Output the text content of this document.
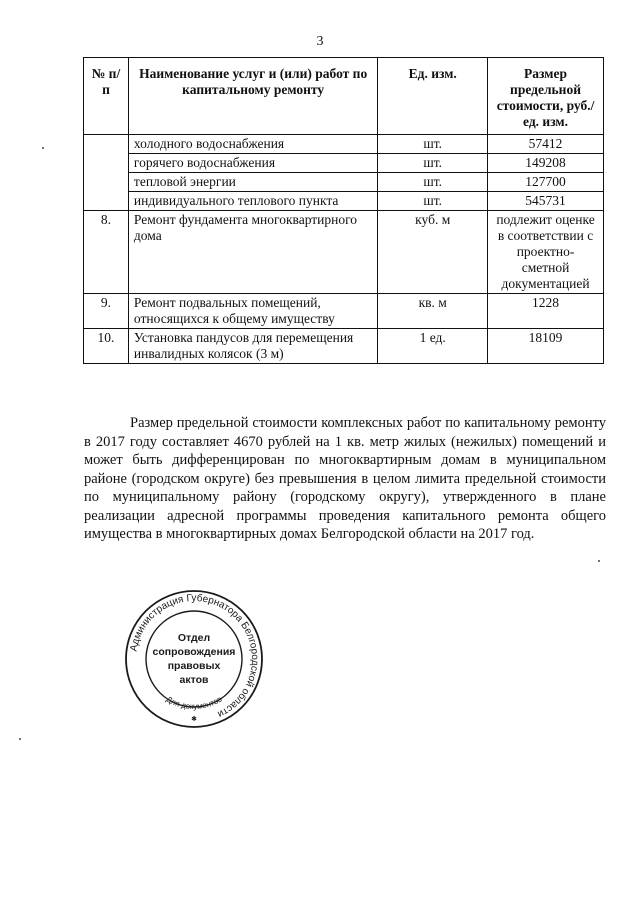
3
№ п/п	Наименование услуг и (или) работ по капитальному ремонту	Ед. изм.	Размер предельной стоимости, руб./ед. изм.
	холодного водоснабжения	шт.	57412
	горячего водоснабжения	шт.	149208
	тепловой энергии	шт.	127700
	индивидуального теплового пункта	шт.	545731
8.	Ремонт фундамента многоквартирного дома	куб. м	подлежит оценке в соответствии с проектно-сметной документацией
9.	Ремонт подвальных помещений, относящихся к общему имуществу	кв. м	1228
10.	Установка пандусов для перемещения инвалидных колясок (3 м)	1 ед.	18109

Размер предельной стоимости комплексных работ по капитальному ремонту в 2017 году составляет 4670 рублей на 1 кв. метр жилых (нежилых) помещений и может быть дифференцирован по многоквартирным домам в муниципальном районе (городском округе) без превышения в целом лимита предельной стоимости по муниципальному району (городскому округу), утвержденного в плане реализации адресной программы проведения капитального ремонта общего имущества в многоквартирных домах Белгородской области на 2017 год.

Администрация Губернатора Белгородской области
Для документов
✱
Отдел
сопровождения
правовых
актов
